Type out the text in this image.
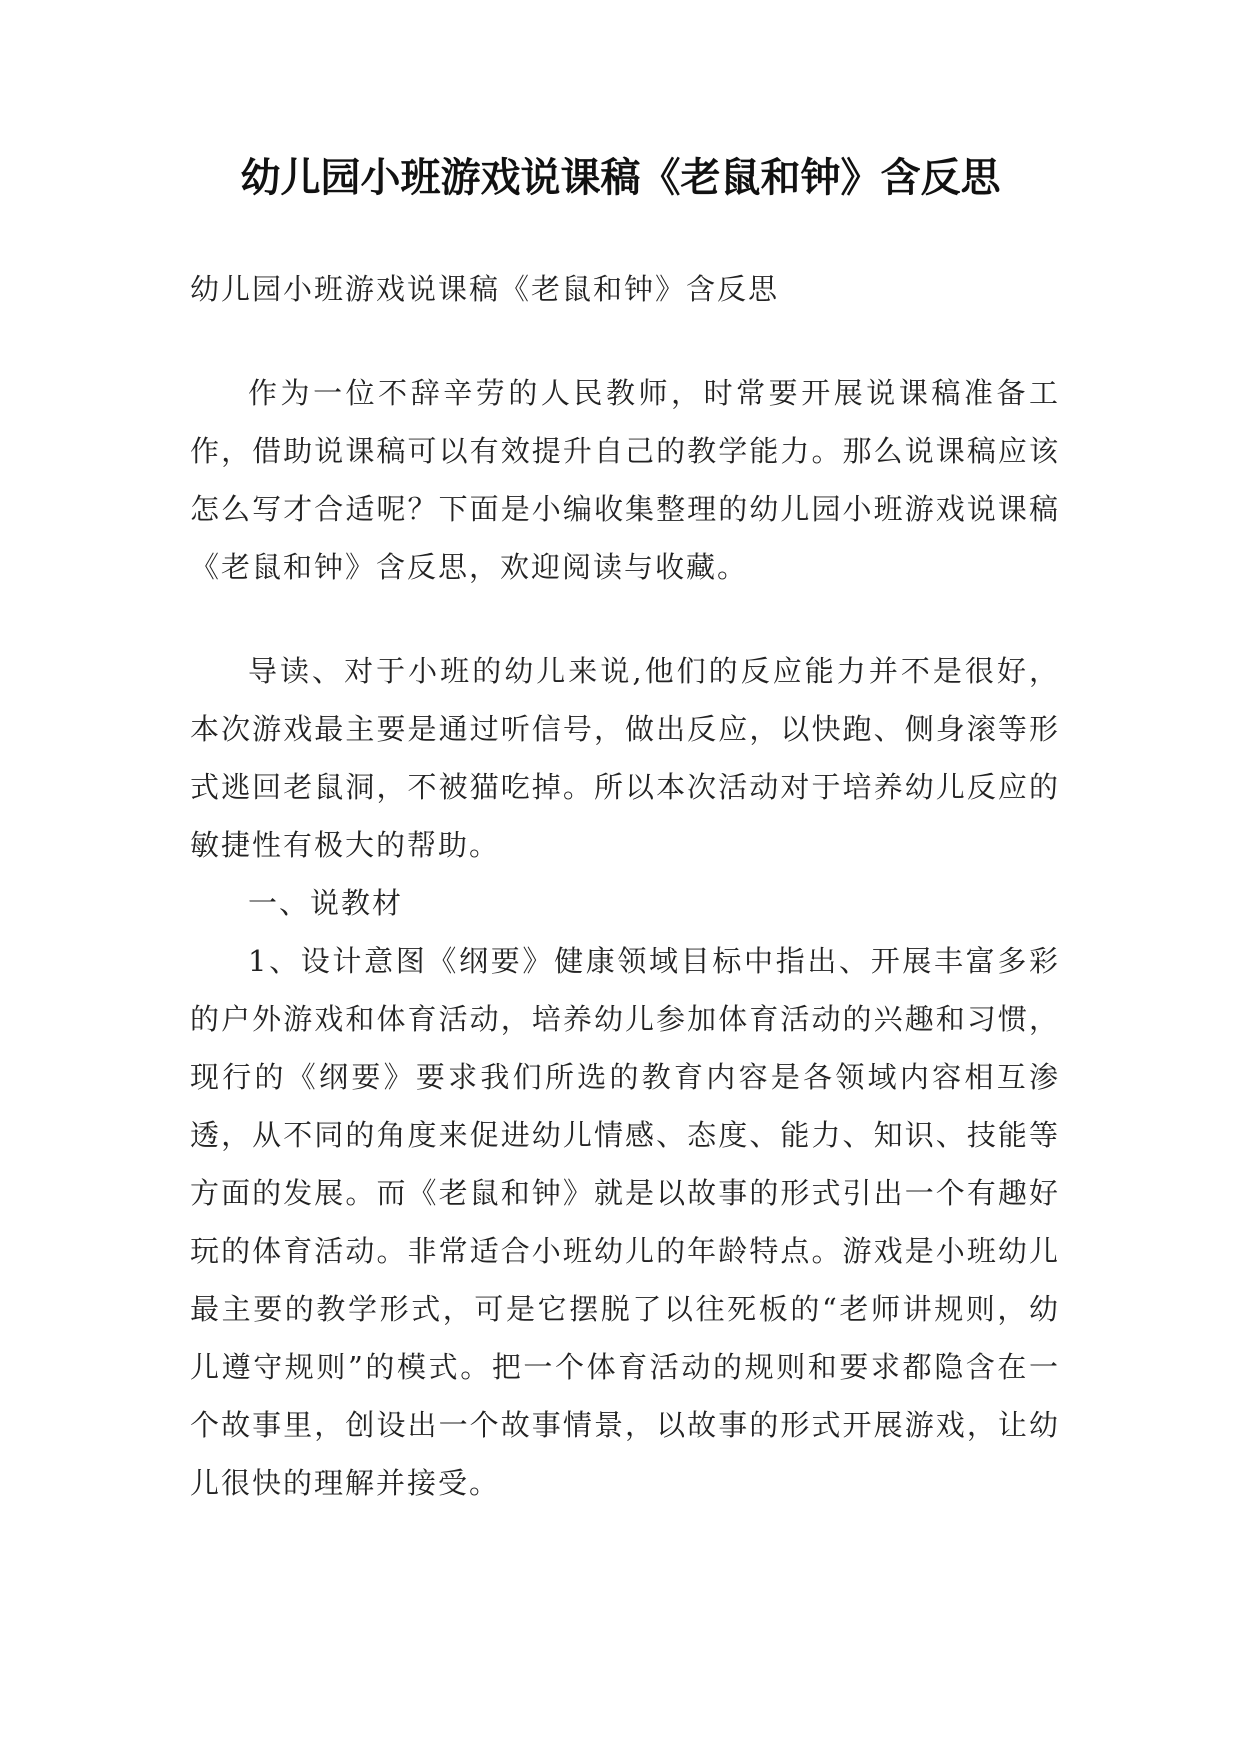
幼儿园小班游戏说课稿《老鼠和钟》含反思

幼儿园小班游戏说课稿《老鼠和钟》含反思

作为一位不辞辛劳的人民教师，时常要开展说课稿准备工作，借助说课稿可以有效提升自己的教学能力。那么说课稿应该怎么写才合适呢？下面是小编收集整理的幼儿园小班游戏说课稿《老鼠和钟》含反思，欢迎阅读与收藏。

导读、对于小班的幼儿来说,他们的反应能力并不是很好，本次游戏最主要是通过听信号，做出反应，以快跑、侧身滚等形式逃回老鼠洞，不被猫吃掉。所以本次活动对于培养幼儿反应的敏捷性有极大的帮助。

一、说教材

1、设计意图《纲要》健康领域目标中指出、开展丰富多彩的户外游戏和体育活动，培养幼儿参加体育活动的兴趣和习惯，现行的《纲要》要求我们所选的教育内容是各领域内容相互渗透，从不同的角度来促进幼儿情感、态度、能力、知识、技能等方面的发展。而《老鼠和钟》就是以故事的形式引出一个有趣好玩的体育活动。非常适合小班幼儿的年龄特点。游戏是小班幼儿最主要的教学形式，可是它摆脱了以往死板的“老师讲规则，幼儿遵守规则”的模式。把一个体育活动的规则和要求都隐含在一个故事里，创设出一个故事情景，以故事的形式开展游戏，让幼儿很快的理解并接受。
